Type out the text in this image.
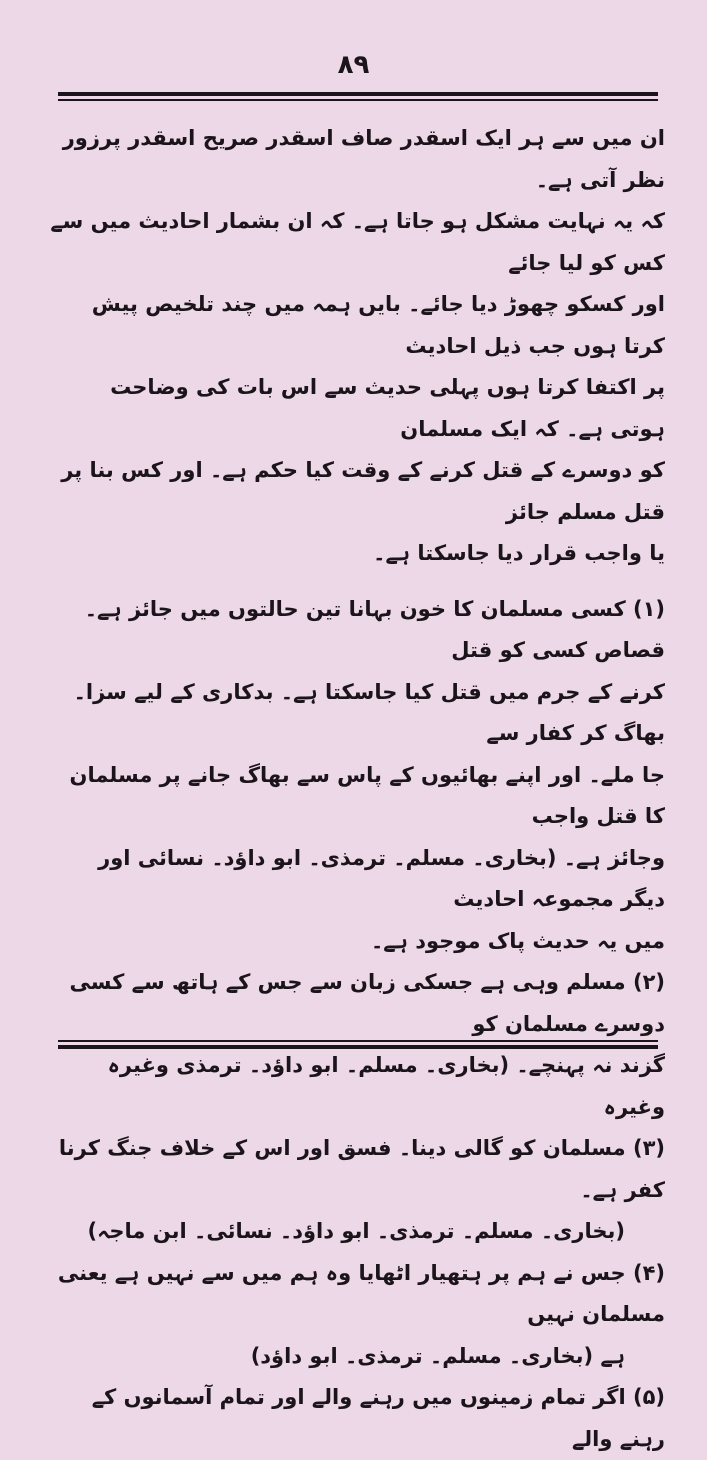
۸۹
ان میں سے ہر ایک اسقدر صاف اسقدر صریح اسقدر پرزور نظر آتی ہے۔
کہ یہ نہایت مشکل ہو جاتا ہے۔ کہ ان بشمار احادیث میں سے کس کو لیا جائے
اور کسکو چھوڑ دیا جائے۔ بایں ہمہ میں چند تلخیص پیش کرتا ہوں جب ذیل احادیث
پر اکتفا کرتا ہوں پہلی حدیث سے اس بات کی وضاحت ہوتی ہے۔ کہ ایک مسلمان
کو دوسرے کے قتل کرنے کے وقت کیا حکم ہے۔ اور کس بنا پر قتل مسلم جائز
یا واجب قرار دیا جاسکتا ہے۔
(۱) کسی مسلمان کا خون بہانا تین حالتوں میں جائز ہے۔ قصاص کسی کو قتل
کرنے کے جرم میں قتل کیا جاسکتا ہے۔ بدکاری کے لیے سزا۔ بھاگ کر کفار سے
جا ملے۔ اور اپنے بھائیوں کے پاس سے بھاگ جانے پر مسلمان کا قتل واجب
وجائز ہے۔ (بخاری۔ مسلم۔ ترمذی۔ ابو داؤد۔ نسائی اور دیگر مجموعہ احادیث
میں یہ حدیث پاک موجود ہے۔
(۲) مسلم وہی ہے جسکی زبان سے جس کے ہاتھ سے کسی دوسرے مسلمان کو
گزند نہ پہنچے۔ (بخاری۔ مسلم۔ ابو داؤد۔ ترمذی وغیرہ وغیرہ
(۳) مسلمان کو گالی دینا۔ فسق اور اس کے خلاف جنگ کرنا کفر ہے۔
(بخاری۔ مسلم۔ ترمذی۔ ابو داؤد۔ نسائی۔ ابن ماجہ)
(۴) جس نے ہم پر ہتھیار اٹھایا وہ ہم میں سے نہیں ہے یعنی مسلمان نہیں
ہے (بخاری۔ مسلم۔ ترمذی۔ ابو داؤد)
(۵) اگر تمام زمینوں میں رہنے والے اور تمام آسمانوں کے رہنے والے
